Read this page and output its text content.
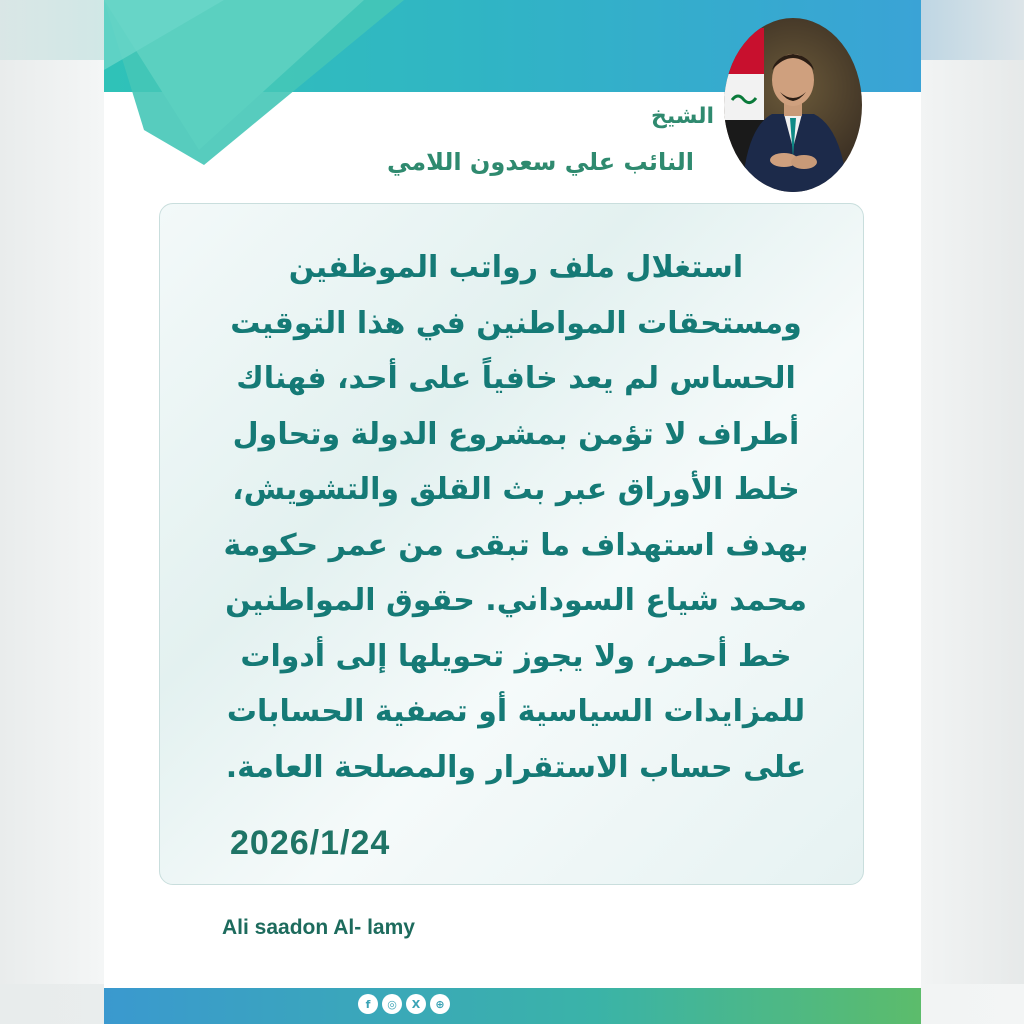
الشيخ
النائب علي سعدون اللامي
استغلال ملف رواتب الموظفين ومستحقات المواطنين في هذا التوقيت الحساس لم يعد خافياً على أحد، فهناك أطراف لا تؤمن بمشروع الدولة وتحاول خلط الأوراق عبر بث القلق والتشويش، بهدف استهداف ما تبقى من عمر حكومة محمد شياع السوداني. حقوق المواطنين خط أحمر، ولا يجوز تحويلها إلى أدوات للمزايدات السياسية أو تصفية الحسابات على حساب الاستقرار والمصلحة العامة.
2026/1/24
Ali saadon Al- lamy
f	◎	X	⊕
